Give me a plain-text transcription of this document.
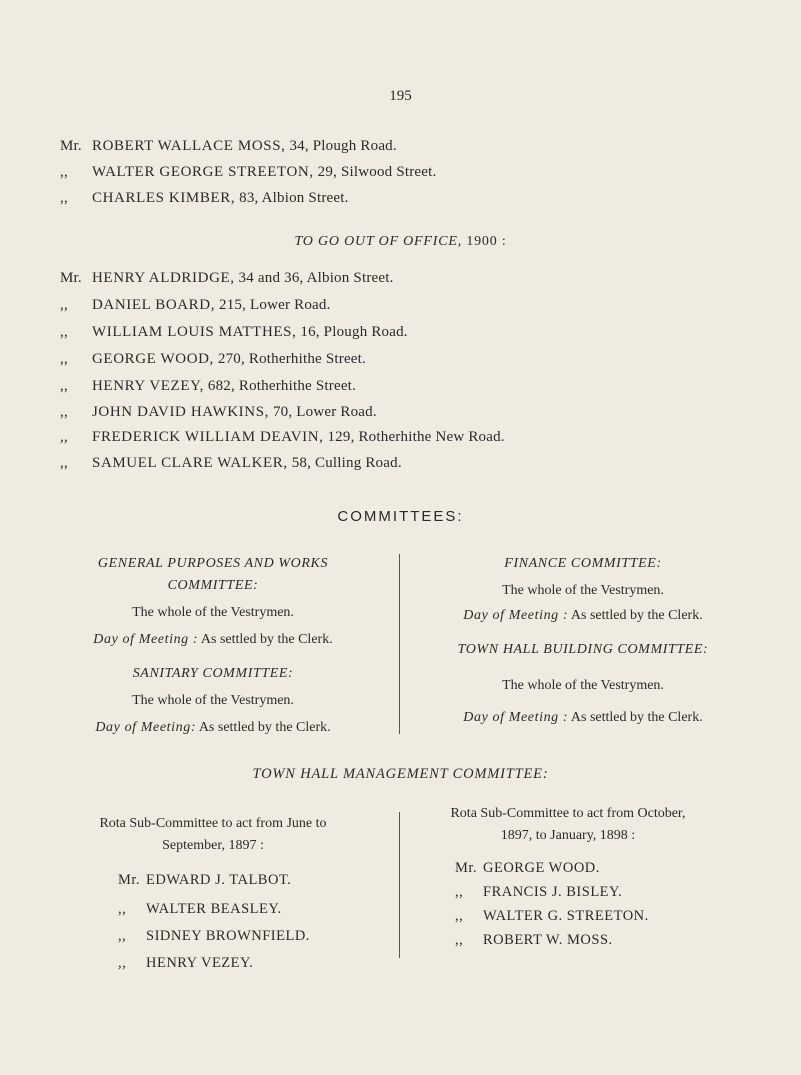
195
Mr. ROBERT WALLACE MOSS, 34, Plough Road.
,, WALTER GEORGE STREETON, 29, Silwood Street.
,, CHARLES KIMBER, 83, Albion Street.
TO GO OUT OF OFFICE, 1900 :
Mr. HENRY ALDRIDGE, 34 and 36, Albion Street.
,, DANIEL BOARD, 215, Lower Road.
,, WILLIAM LOUIS MATTHES, 16, Plough Road.
,, GEORGE WOOD, 270, Rotherhithe Street.
,, HENRY VEZEY, 682, Rotherhithe Street.
,, JOHN DAVID HAWKINS, 70, Lower Road.
,, FREDERICK WILLIAM DEAVIN, 129, Rotherhithe New Road.
,, SAMUEL CLARE WALKER, 58, Culling Road.
COMMITTEES:
GENERAL PURPOSES AND WORKS
COMMITTEE:
The whole of the Vestrymen.
Day of Meeting : As settled by the Clerk.
SANITARY COMMITTEE:
The whole of the Vestrymen.
Day of Meeting: As settled by the Clerk.
FINANCE COMMITTEE:
The whole of the Vestrymen.
Day of Meeting : As settled by the Clerk.
TOWN HALL BUILDING COMMITTEE:
The whole of the Vestrymen.
Day of Meeting : As settled by the Clerk.
TOWN HALL MANAGEMENT COMMITTEE:
Rota Sub-Committee to act from June to
September, 1897 :
Mr. EDWARD J. TALBOT.
,, WALTER BEASLEY.
,, SIDNEY BROWNFIELD.
,, HENRY VEZEY.
Rota Sub-Committee to act from October,
1897, to January, 1898 :
Mr. GEORGE WOOD.
,, FRANCIS J. BISLEY.
,, WALTER G. STREETON.
,, ROBERT W. MOSS.
